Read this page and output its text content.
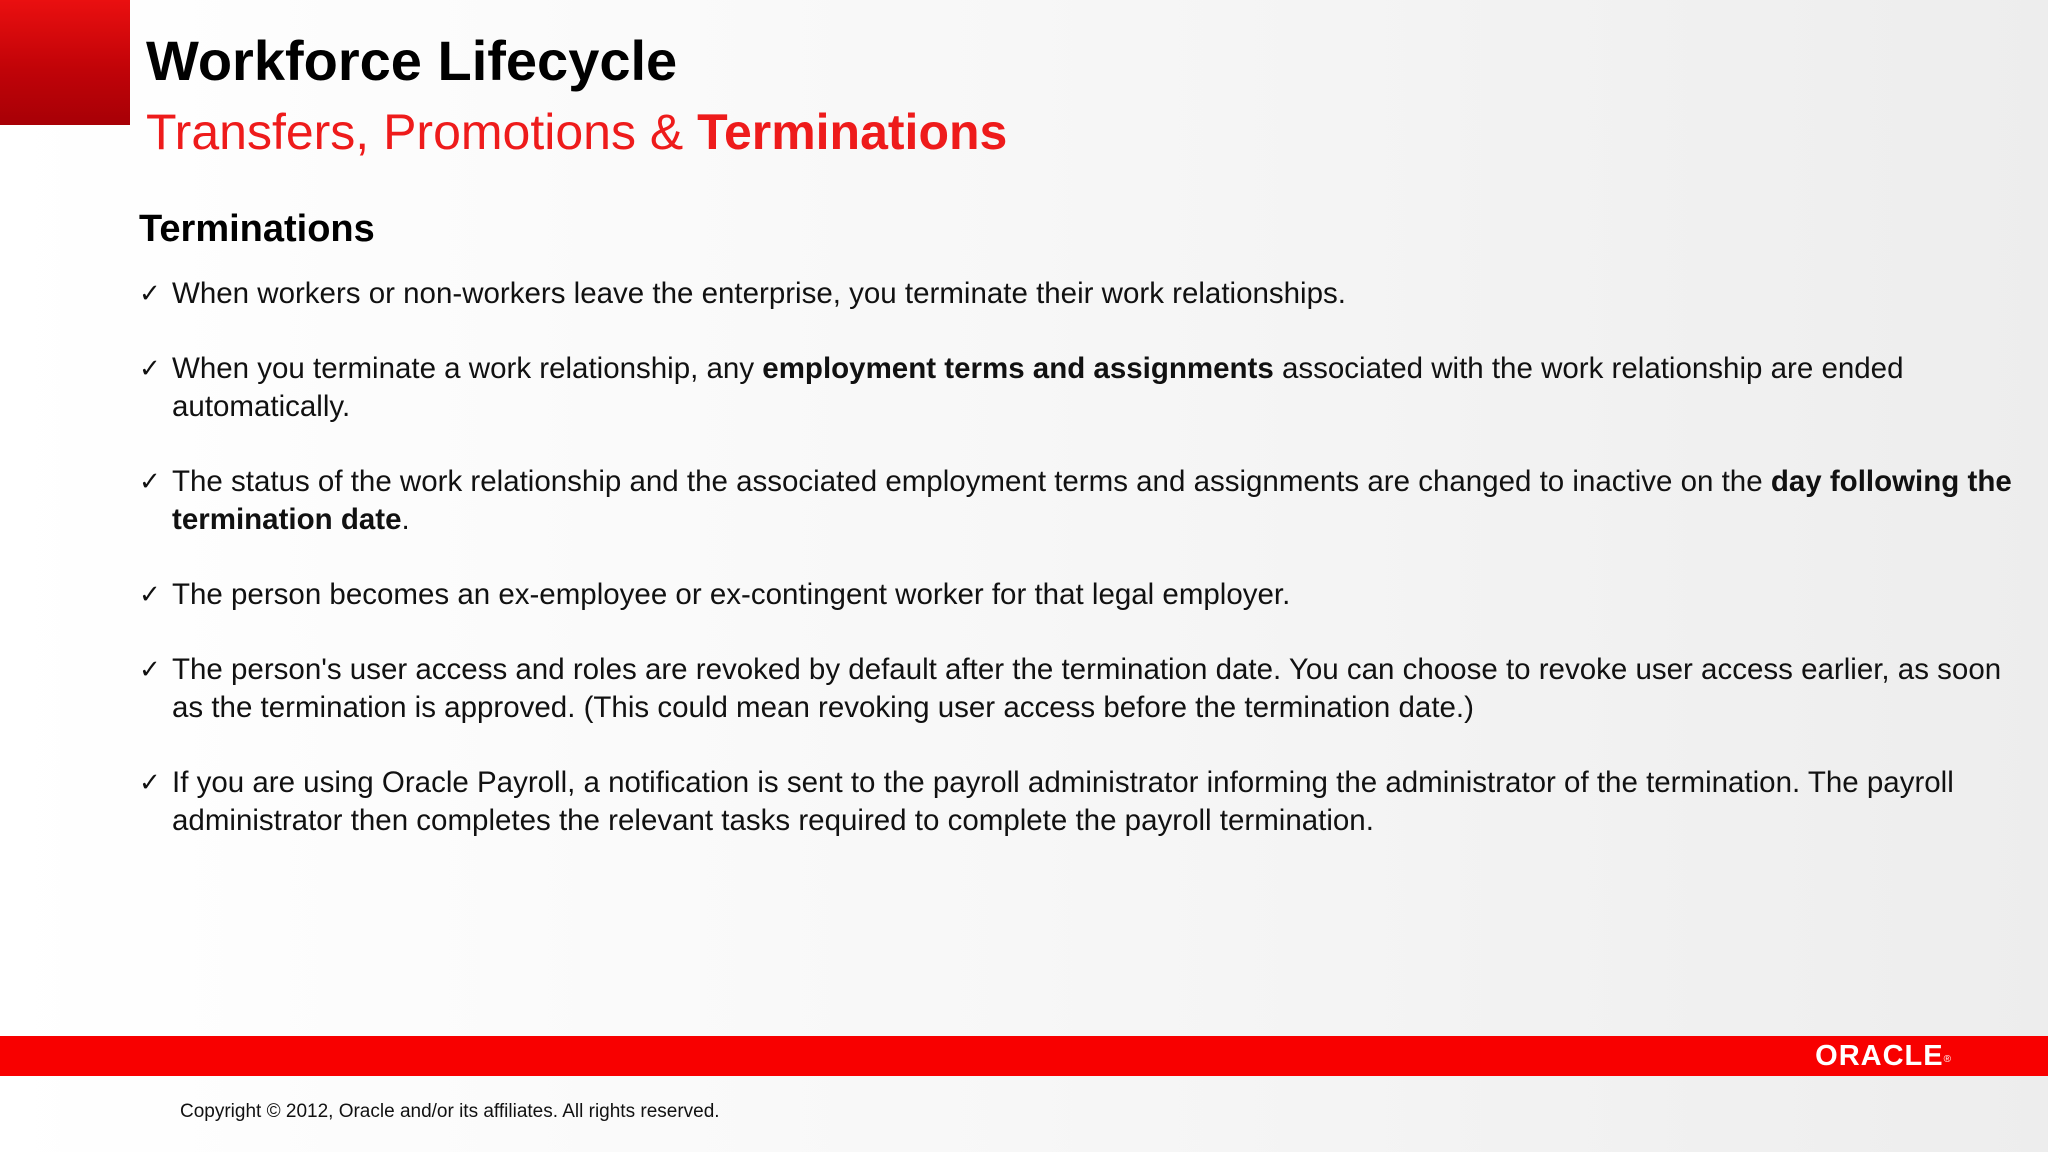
Workforce Lifecycle
Transfers, Promotions & Terminations
Terminations
✓ When workers or non-workers leave the enterprise, you terminate their work relationships.
✓ When you terminate a work relationship, any employment terms and assignments associated with the work relationship are ended automatically.
✓ The status of the work relationship and the associated employment terms and assignments are changed to inactive on the day following the termination date.
✓ The person becomes an ex-employee or ex-contingent worker for that legal employer.
✓ The person's user access and roles are revoked by default after the termination date. You can choose to revoke user access earlier, as soon as the termination is approved. (This could mean revoking user access before the termination date.)
✓ If you are using Oracle Payroll, a notification is sent to the payroll administrator informing the administrator of the termination. The payroll administrator then completes the relevant tasks required to complete the payroll termination.
ORACLE®
Copyright © 2012, Oracle and/or its affiliates. All rights reserved.
